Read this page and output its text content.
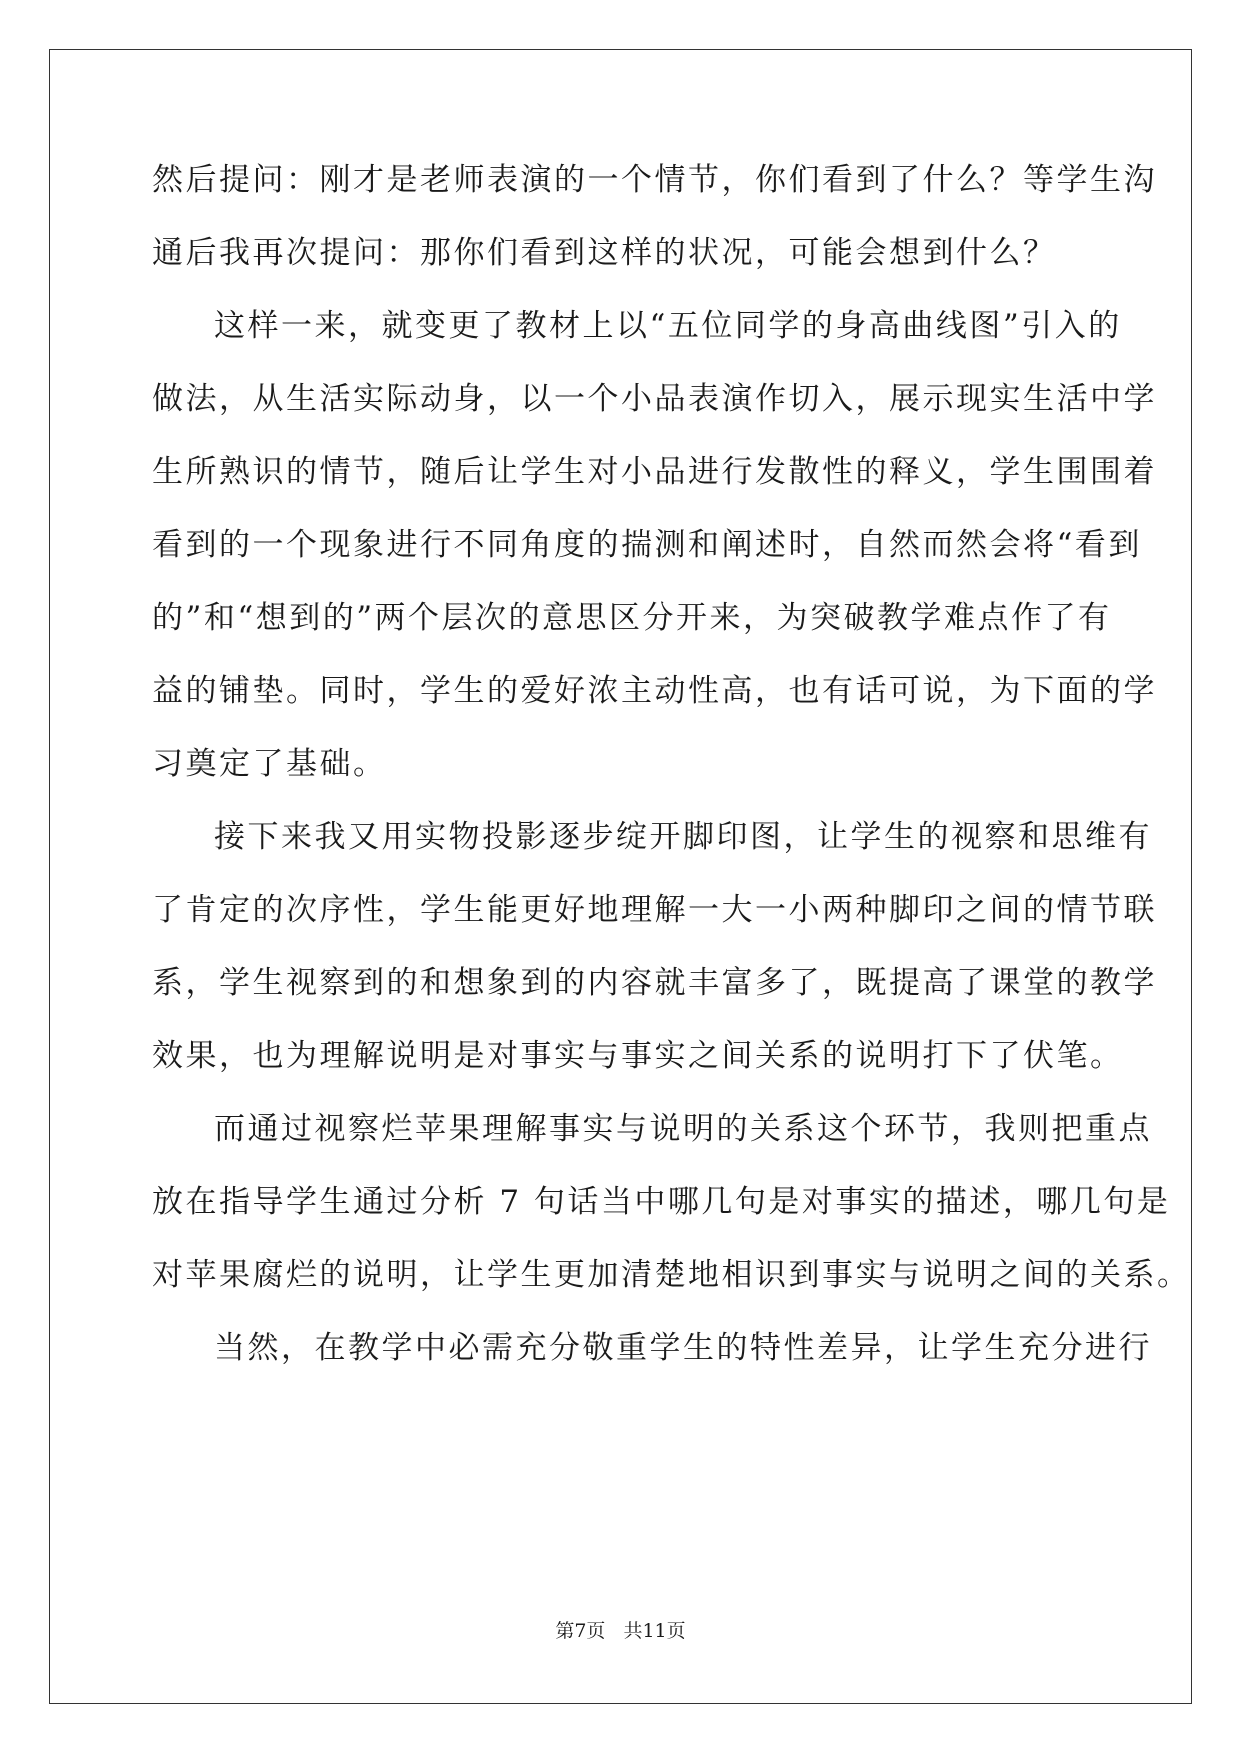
然后提问：刚才是老师表演的一个情节，你们看到了什么？等学生沟
通后我再次提问：那你们看到这样的状况，可能会想到什么？
这样一来，就变更了教材上以“五位同学的身高曲线图”引入的
做法，从生活实际动身，以一个小品表演作切入，展示现实生活中学
生所熟识的情节，随后让学生对小品进行发散性的释义，学生围围着
看到的一个现象进行不同角度的揣测和阐述时，自然而然会将“看到
的”和“想到的”两个层次的意思区分开来，为突破教学难点作了有
益的铺垫。同时，学生的爱好浓主动性高，也有话可说，为下面的学
习奠定了基础。
接下来我又用实物投影逐步绽开脚印图，让学生的视察和思维有
了肯定的次序性，学生能更好地理解一大一小两种脚印之间的情节联
系，学生视察到的和想象到的内容就丰富多了，既提高了课堂的教学
效果，也为理解说明是对事实与事实之间关系的说明打下了伏笔。
而通过视察烂苹果理解事实与说明的关系这个环节，我则把重点
放在指导学生通过分析 7 句话当中哪几句是对事实的描述，哪几句是
对苹果腐烂的说明，让学生更加清楚地相识到事实与说明之间的关系。
当然，在教学中必需充分敬重学生的特性差异，让学生充分进行
第7页 共11页
